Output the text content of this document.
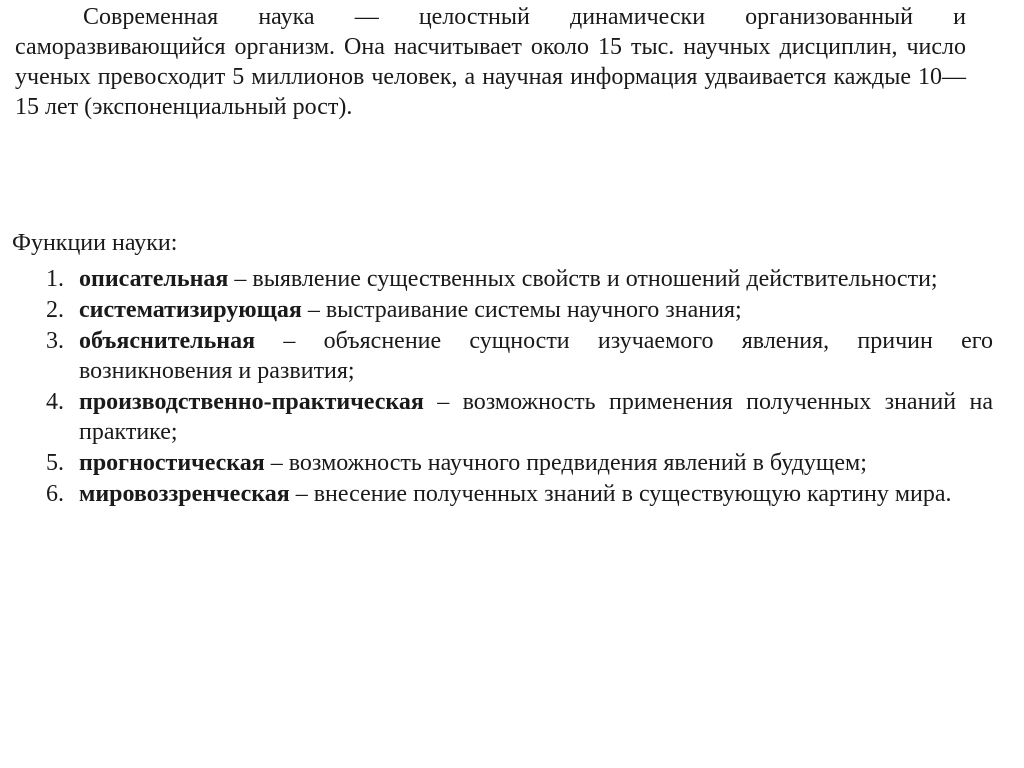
Современная наука — целостный динамически организованный и саморазвивающийся организм. Она насчитывает около 15 тыс. научных дисциплин, число ученых превосходит 5 миллионов человек, а научная информация удваивается каждые 10—15 лет (экспоненциальный рост).

Функции науки:
1. описательная – выявление существенных свойств и отношений действительности;
2. систематизирующая – выстраивание системы научного знания;
3. объяснительная – объяснение сущности изучаемого явления, причин его возникновения и развития;
4. производственно-практическая – возможность применения полученных знаний на практике;
5. прогностическая – возможность научного предвидения явлений в будущем;
6. мировоззренческая – внесение полученных знаний в существующую картину мира.
